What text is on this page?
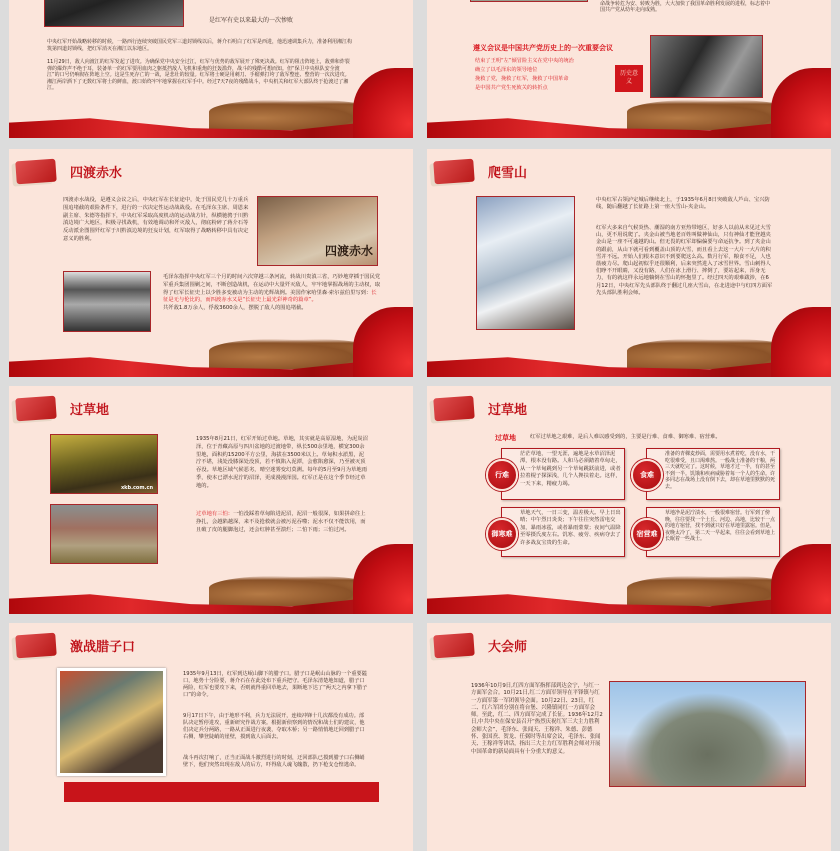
是红军有史以来最大的一次惨败
中央红军开始战略转移的时候，一路西行连续突破国民党军三道封锁线以后，蒋介石明白了红军是西进，他迅速调集兵力，准备利用湘江构筑第四道封锁线，把红军消灭在湘江以东地区。
11月29日，敌人向渡江的红军发起了进攻。为确保党中央安全过江，红军与优势的敌军展开了殊死决战。红军的阻击阵地上，敌弹和炸裂弹的爆炸声不绝于耳，装备单一的红军要用血肉之躯抵挡敌人飞机和重炮的狂轰滥炸，战斗的残酷可想而知。但“保卫中央纵队安全渡江”的口号仍响彻在阵地上空。这是生死存亡的一战，是悲壮的较量。红军将士硬是用刺刀、手榴弹打垮了敌军整连、整营的一次次进攻。湘江两岸洒下了无数红军将士的鲜血，渡口始终牢牢地掌握在红军手中。经过7天7夜的残酷战斗，中央机关和红军大部队终于抢渡过了湘江。
命战争转危为安、转败为胜，大大加快了我国革命胜利发展的进程，标志着中国共产党从幼年走向成熟。
遵义会议是中国共产党历史上的一次重要会议
结束了王明“左”倾冒险主义在党中央的统治
确立了以毛泽东的领导地位
挽救了党，挽救了红军，挽救了中国革命
是中国共产党生死攸关的转折点
历史意义
四渡赤水
四渡赤水战役，是遵义会议之后，中央红军在长征途中，处于国民党几十万重兵围追堵截的艰险条件下，进行的一次决定性运动战战役。在毛泽东主席、周恩来副主席、朱德等指挥下，中央红军采取高度机动的运动战方针，纵横驰骋于川黔滇边境广大地区，积极寻找战机，有效地调动和歼灭敌人，彻底粉碎了蒋介石等反动派企图围歼红军于川黔滇边境的狂妄计划，红军取得了战略转移中具有决定意义的胜利。
四渡赤水
毛泽东指挥中央红军三个月的时间六次穿越三条河流，转战川贵滇三省，巧妙地穿插于国民党军重兵集团围剿之间，不断创造战机，在运动中大量歼灭敌人，牢牢地掌握战场的主动权，取得了红军长征史上以少胜多变被动为主动的光辉战例。美国作家哈里森·索尔兹伯里写到：长征是无与伦比的，而四渡赤水又是“长征史上最光彩神奇的篇章”。
共歼敌1.8万余人，俘敌3600余人，摆脱了敌人的围追堵截。
爬雪山
中央红军占领泸定城后继续北上，于1935年6月8日突破敌人芦山、宝兴防线，随后翻越了长征路上第一座大雪山-夹金山。
红军大多来自气候炎热、潮湿的南方亚热带地区，好多人以前从未见过大雪山，更不用说爬了。夹金山被当地老百姓叫做神仙山，只有神仙才能登越夹金山是一座不可逾越的山。但无畏的红军却偏偏要与命运抗争。到了夹金山的跟前，从山下就可看到覆盖山顶的大雪，而且看上去这一大片一大片的积雪并不远。开始人们根本意识不到要爬这么高。数月行军，粮食不足，人也筋疲力尽。爬山起初似乎还很顺利，后来突然进入了冰雪世界。雪山刺得人们睁不开眼睛，又没有路，人们在冰上滑行、摔倒了，要站起来，浑身无力，有的就这样永远地躺倒在雪山的怀抱里了。经过四天的艰难跋涉，在6月12日，中央红军先头部队终于翻过几座大雪山，在北进途中与红四方面军先头部队胜利会师。
过草地
xkb.com.cn
1935年8月21日，红军开始过草地。草地，其实就是高原湿地，为泥炭沼泽，位于青藏高原与四川盆地的过渡地带，纵长500余里地，横宽300余里地，面积约15200平方公里，海拔在3500米以上。草甸积水淤黑，泥泞不堪，浅处没膝深处没顶，若不慎陷入泥潭，会愈陷愈深，乃至被灭顶吞没。草地区域气候恶劣，晴空迷雾变幻莫测。每年的5月至9月为草地雨季，使本已漂水泥泞的沼泽，更成漫漫泽国。红军正是在这个季节经过草地的。
过草地有三怕：一怕没踩着草甸陷进泥沼，泥沼一般很深，如果拼命往上挣扎，会越陷越深，来不及抢救就会被污泥吞噬；泥水不仅不能饮用，而且破了皮的腿脚泡过，还会红肿甚至溃烂；二怕下雨；三怕过河。
过草地
过草地	红军过草地之艰难，是后人难以感受到的，主要是行难、食难、御寒难、宿营难。
茫茫草地，一望无涯，遍地是水草沼泽泥潭，根本没有路。人和马必须踏着草甸走，从一个草甸跳到另一个草甸跳跃前进，或者拉着棍子探深浅，几个人搀扶着走。这样，一天下来，精疲力竭。
行难
准备的青稞麦炒面，需要用水煮着吃，没有水，干吃很难受，且口渴难熬。一般战士准备的干粮，两三天就吃完了。这时候，草地才过一半，有的甚至不到一半。饥饿和疾病威胁着每一个人的生命。许多同志在战场上没有倒下去，却在草地里默默的死去。
食难
草地天气，一日三变，温差极大。早上日出晴；中午烈日炎炎；下午往往突然雷电交加，暴雨冰雹，或者暴雨蒙蒙；夜间气温降至零摄氏度左右。饥寒、疲劳、疾病夺去了许多战友宝贵的生命。
御寒难
草地净是泥泞渍水，一般很难宿营。行军到了傍晚，往往要找一个土丘、河边、高地，比较干一点的地方宿营，找不到就只好在草地里露宿。但是，夜晚太冷了，第二天一早起来，往往会看到草地上长眠着一些战士。
宿营难
激战腊子口
1935年9月13日，红军到达岷山脚下的腊子口。腊子口是岷山山脉的一个重要隘口，地势十分险要，蒋介石在在此处布下重兵把守。毛泽东清楚地知道，腊子口两险，红军也要攻下来，否则就得重回草地去，果断地下达了“两天之内拿下腊子口”的命令。
9月17日下午，由于地形不利，兵力无法展开，连续冲锋十几次都没有成功。部队决定暂停进攻，重新研究作战方案。根据新侦察到的情况和战士们的建议，他们决定兵分两路，一路从正面进行夜袭，夺取木桥；另一路悄悄地迂回到腊子口右侧，攀登陡峭的崖壁，摸到敌人后面去。
战斗再次打响了，正当正面战斗激烈进行的时刻，迂回部队已摸到腊子口右侧峭壁下，他们突然出现在敌人的后方，吓得敌人魂飞魄散，扔下枪支仓惶逃命。
大会师
1936年10月9日,红四方面军指挥部到达会宁，与红一方面军会合。10月21日,红二方面军领导在平锋镇与红一方面军第一军团领导会面。10月22日、23日，红二、红六军团分别在将台堡、兴隆镇同红一方面军会师。至此，红二、四方面军完成了长征。1936年12月2日,中共中央在保安县召开“热烈庆祝红军三大主力胜利会师大会”，毛泽东、张闻天、王稼祥、朱德、彭德怀、张国焘、贺龙、任弼时等出席会议，毛泽东、张闻天、王稼祥等讲话，指出三大主力红军胜利会师对开展中国革命的新局面具有十分重大的意义。
